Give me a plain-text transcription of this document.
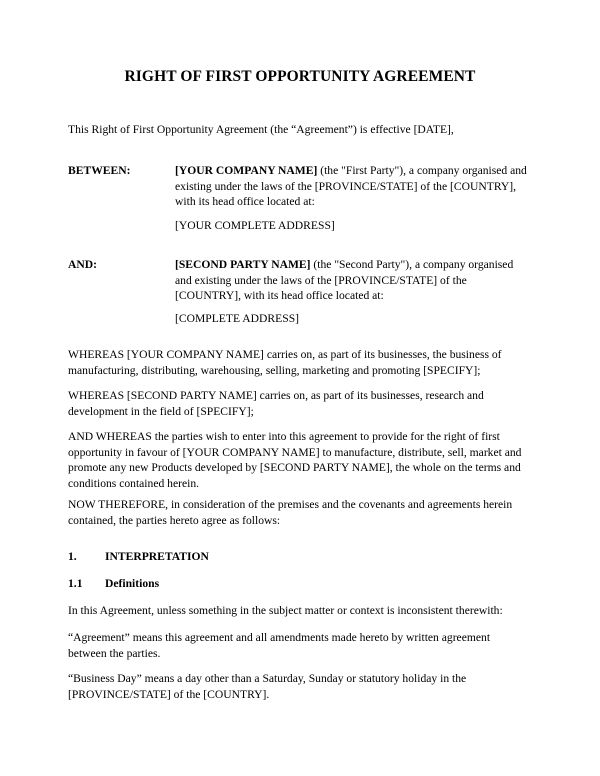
RIGHT OF FIRST OPPORTUNITY AGREEMENT

This Right of First Opportunity Agreement (the “Agreement”) is effective [DATE],

BETWEEN:	[YOUR COMPANY NAME] (the "First Party"), a company organised and existing under the laws of the [PROVINCE/STATE] of the [COUNTRY], with its head office located at:

[YOUR COMPLETE ADDRESS]

AND:	[SECOND PARTY NAME] (the "Second Party"), a company organised and existing under the laws of the [PROVINCE/STATE] of the [COUNTRY], with its head office located at:

[COMPLETE ADDRESS]

WHEREAS [YOUR COMPANY NAME] carries on, as part of its businesses, the business of manufacturing, distributing, warehousing, selling, marketing and promoting [SPECIFY];

WHEREAS [SECOND PARTY NAME] carries on, as part of its businesses, research and development in the field of [SPECIFY];

AND WHEREAS the parties wish to enter into this agreement to provide for the right of first opportunity in favour of [YOUR COMPANY NAME] to manufacture, distribute, sell, market and promote any new Products developed by [SECOND PARTY NAME], the whole on the terms and conditions contained herein.

NOW THEREFORE, in consideration of the premises and the covenants and agreements herein contained, the parties hereto agree as follows:

1. INTERPRETATION
1.1 Definitions

In this Agreement, unless something in the subject matter or context is inconsistent therewith:

“Agreement” means this agreement and all amendments made hereto by written agreement between the parties.

“Business Day” means a day other than a Saturday, Sunday or statutory holiday in the [PROVINCE/STATE] of the [COUNTRY].
